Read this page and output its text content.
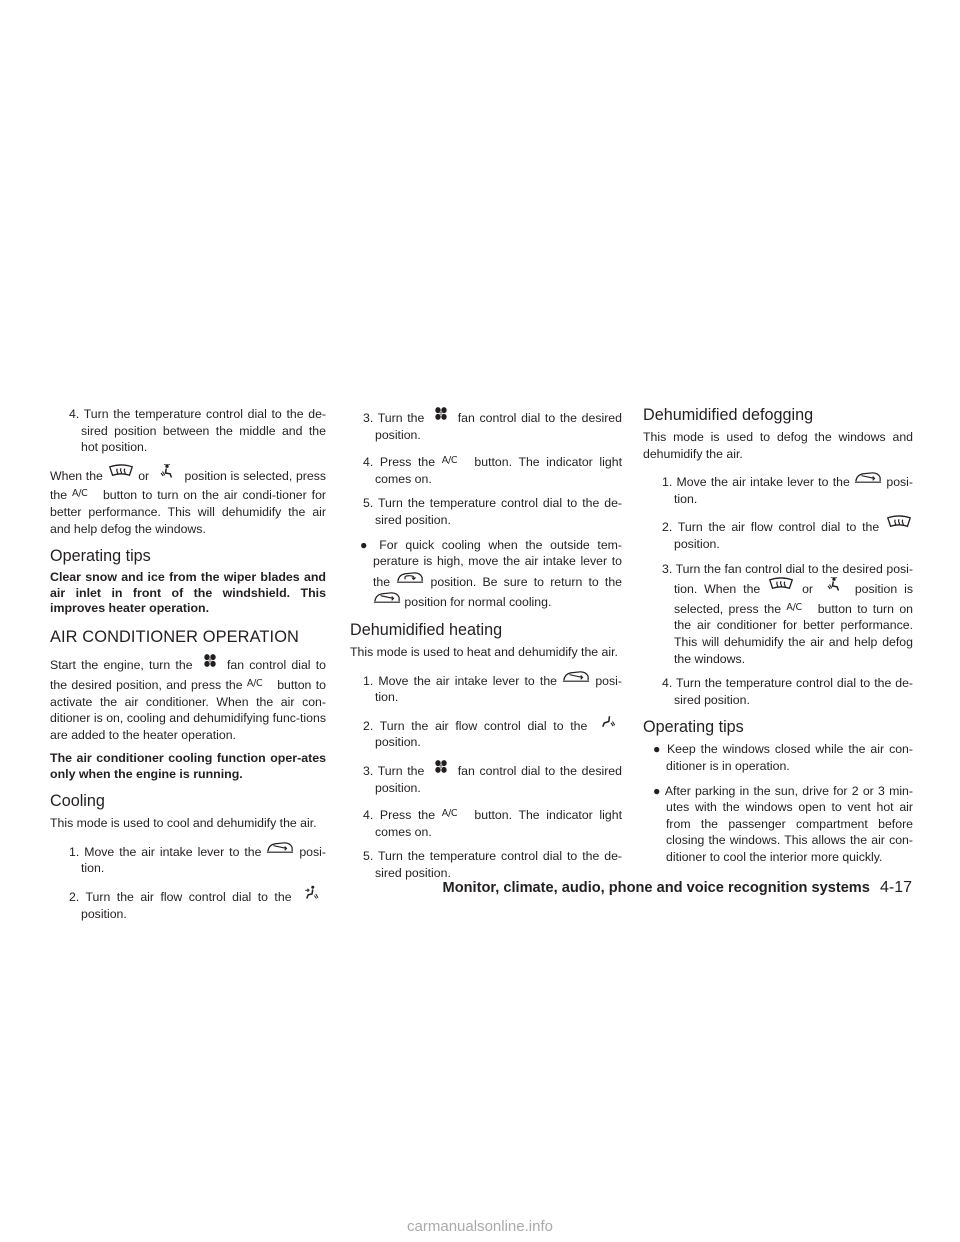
4. Turn the temperature control dial to the de-sired position between the middle and the hot position.

When the	or	position is selected, press the A/C button to turn on the air condi-tioner for better performance. This will dehumidify the air and help defog the windows.

Operating tips

Clear snow and ice from the wiper blades and air inlet in front of the windshield. This improves heater operation.

AIR CONDITIONER OPERATION

Start the engine, turn the	fan control dial to the desired position, and press the A/C button to activate the air conditioner. When the air con-ditioner is on, cooling and dehumidifying func-tions are added to the heater operation.

The air conditioner cooling function oper-ates only when the engine is running.

Cooling

This mode is used to cool and dehumidify the air.

1. Move the air intake lever to the	posi-tion.
2. Turn the air flow control dial to the
position.
3. Turn the	fan control dial to the desired position.
4. Press the A/C button. The indicator light comes on.
5. Turn the temperature control dial to the de-sired position.
● For quick cooling when the outside tem-perature is high, move the air intake lever to the	position. Be sure to return to the
position for normal cooling.
Dehumidified heating

This mode is used to heat and dehumidify the air.

1. Move the air intake lever to the	posi-tion.
2. Turn the air flow control dial to the
position.
3. Turn the	fan control dial to the desired position.
4. Press the A/C button. The indicator light comes on.
5. Turn the temperature control dial to the de-sired position.
Dehumidified defogging

This mode is used to defog the windows and dehumidify the air.

1. Move the air intake lever to the	posi-tion.
2. Turn the air flow control dial to the
position.
3. Turn the fan control dial to the desired posi-tion. When the	or	position is selected, press the A/C button to turn on the air conditioner for better performance. This will dehumidify the air and help defog the windows.
4. Turn the temperature control dial to the de-sired position.
Operating tips
● Keep the windows closed while the air con-ditioner is in operation.
● After parking in the sun, drive for 2 or 3 min-utes with the windows open to vent hot air from the passenger compartment before closing the windows. This allows the air con-ditioner to cool the interior more quickly.
Monitor, climate, audio, phone and voice recognition systems 4-17
carmanualsonline.info
